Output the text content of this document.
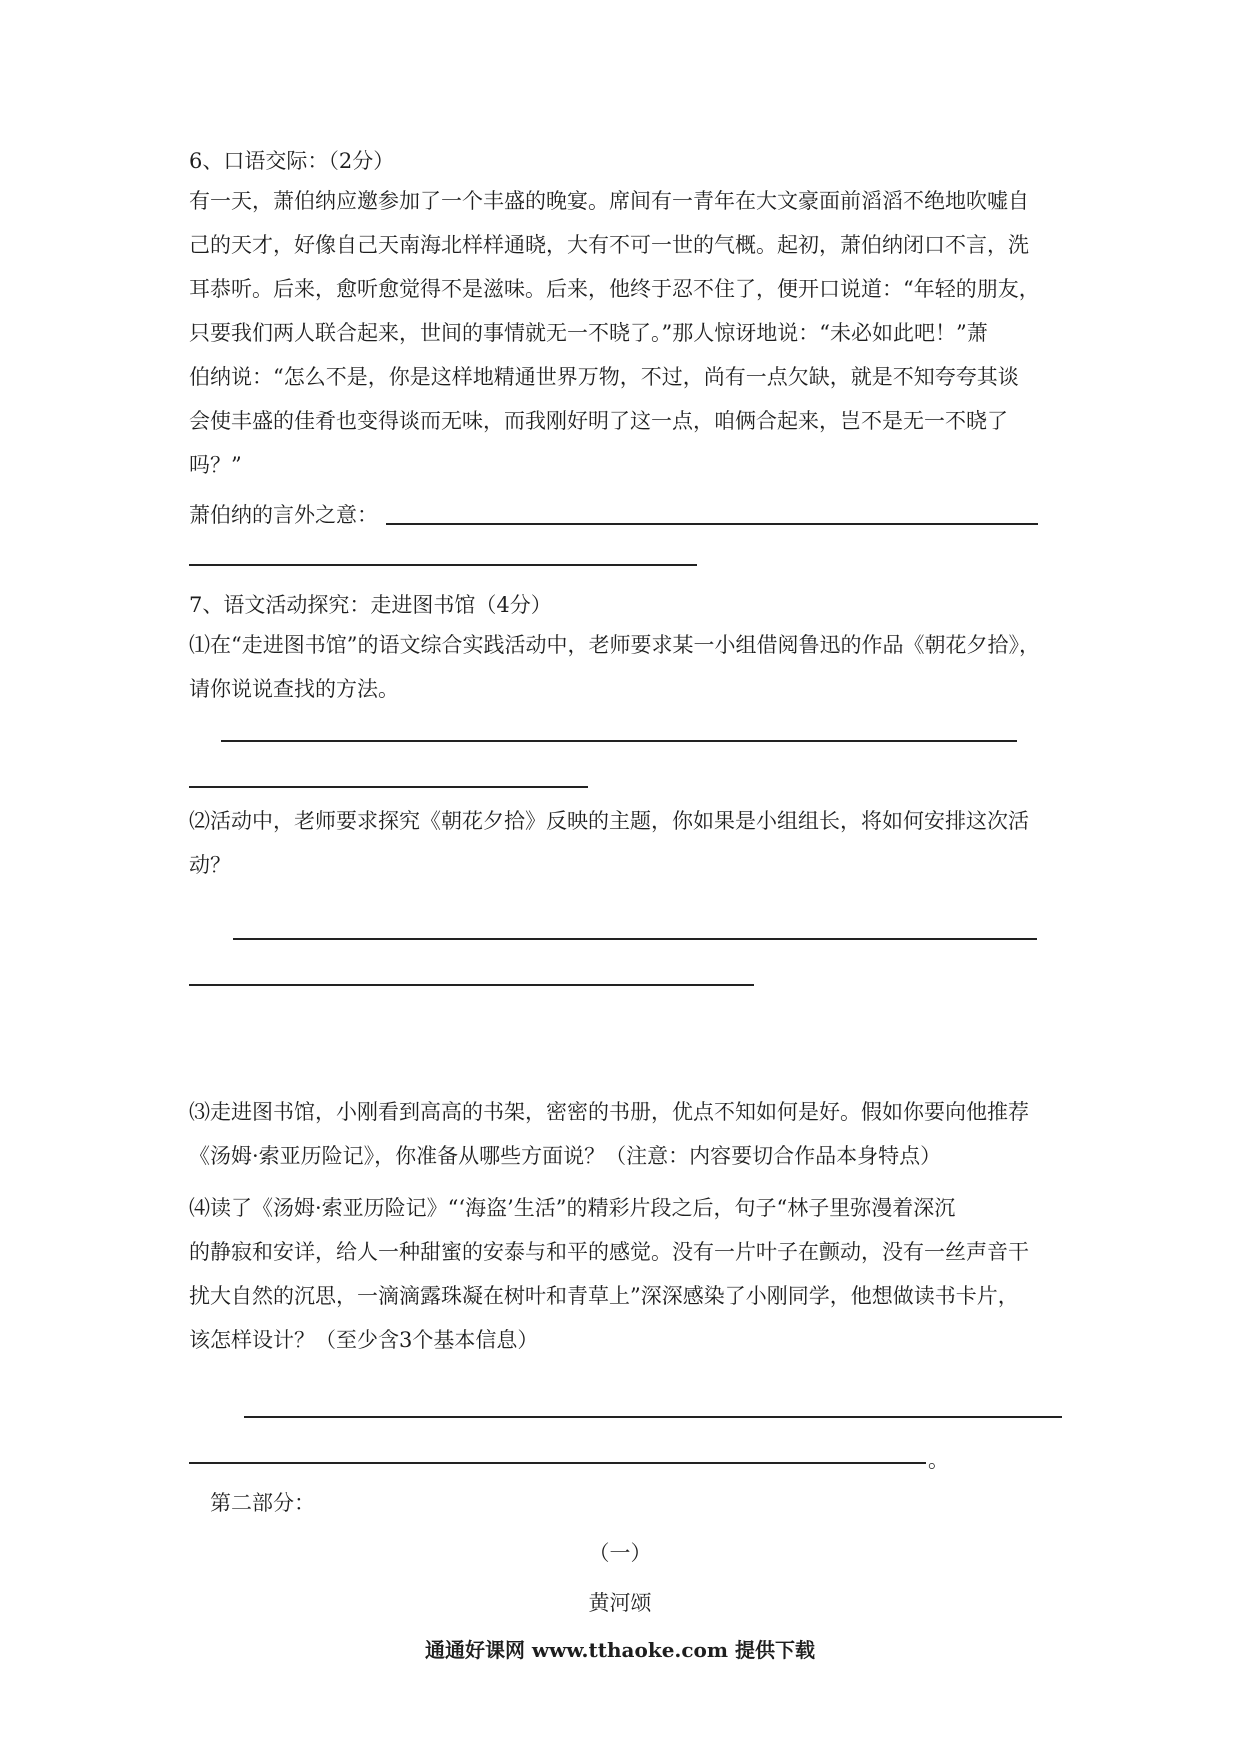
6、口语交际：（2分）
有一天，萧伯纳应邀参加了一个丰盛的晚宴。席间有一青年在大文豪面前滔滔不绝地吹嘘自
己的天才，好像自己天南海北样样通晓，大有不可一世的气概。起初，萧伯纳闭口不言，洗
耳恭听。后来，愈听愈觉得不是滋味。后来，他终于忍不住了，便开口说道：“年轻的朋友，
只要我们两人联合起来，世间的事情就无一不晓了。”那人惊讶地说：“未必如此吧！”萧
伯纳说：“怎么不是，你是这样地精通世界万物，不过，尚有一点欠缺，就是不知夸夸其谈
会使丰盛的佳肴也变得谈而无味，而我刚好明了这一点，咱俩合起来，岂不是无一不晓了
吗？”
萧伯纳的言外之意：
7、语文活动探究：走进图书馆（4分）
⑴在“走进图书馆”的语文综合实践活动中，老师要求某一小组借阅鲁迅的作品《朝花夕拾》，
请你说说查找的方法。
⑵活动中，老师要求探究《朝花夕拾》反映的主题，你如果是小组组长，将如何安排这次活
动？
⑶走进图书馆，小刚看到高高的书架，密密的书册，优点不知如何是好。假如你要向他推荐
《汤姆·索亚历险记》，你准备从哪些方面说？（注意：内容要切合作品本身特点）
⑷读了《汤姆·索亚历险记》“‘海盗’生活”的精彩片段之后，句子“林子里弥漫着深沉
的静寂和安详，给人一种甜蜜的安泰与和平的感觉。没有一片叶子在颤动，没有一丝声音干
扰大自然的沉思，一滴滴露珠凝在树叶和青草上”深深感染了小刚同学，他想做读书卡片，
该怎样设计？（至少含3个基本信息）
。
第二部分：
（一）
黄河颂
通通好课网 www.tthaoke.com 提供下载
